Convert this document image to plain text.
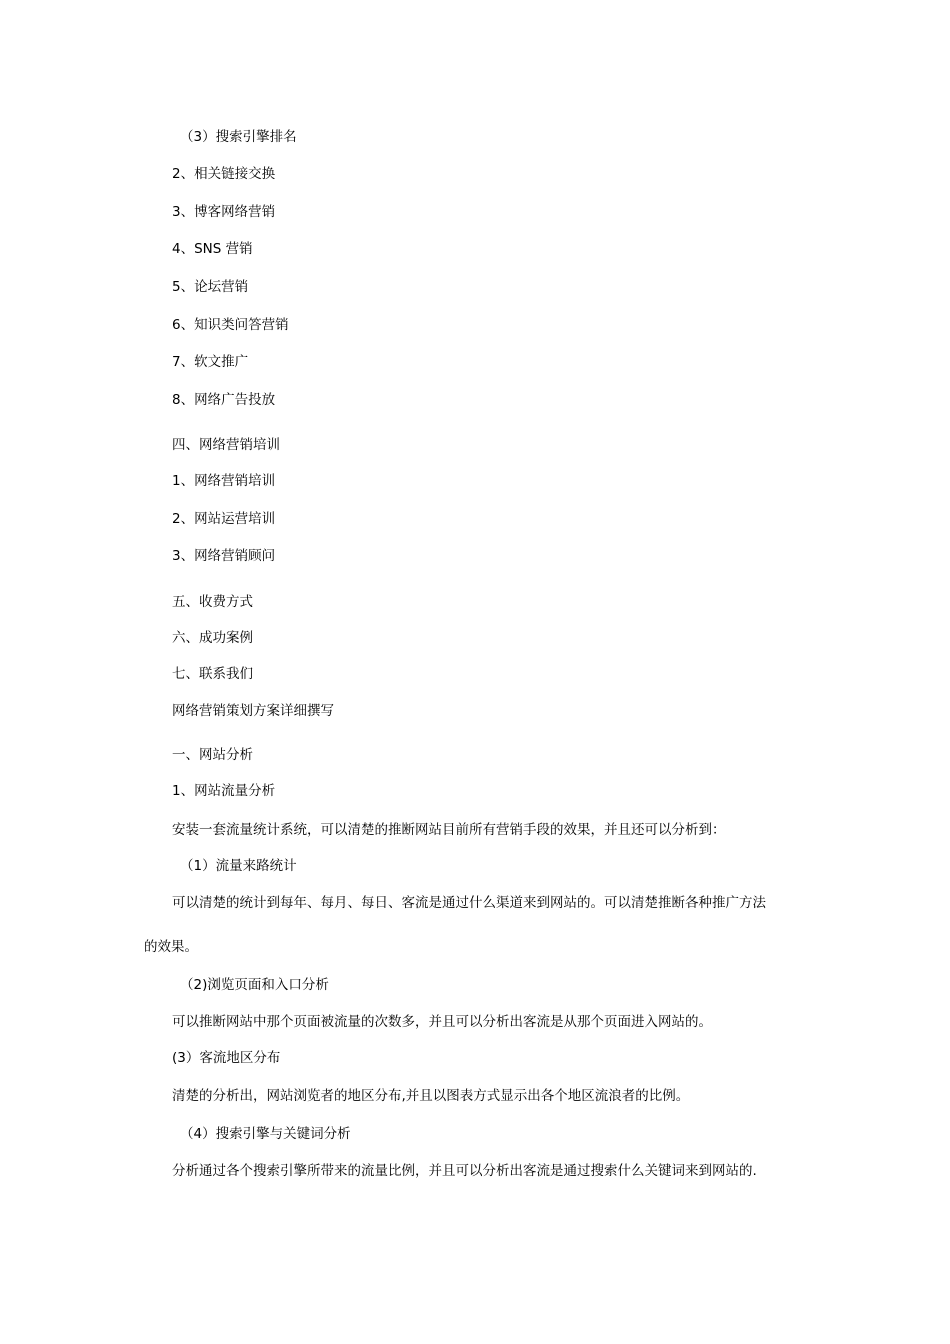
（3）搜索引擎排名
2、相关链接交换
3、博客网络营销
4、SNS 营销
5、论坛营销
6、知识类问答营销
7、软文推广
8、网络广告投放
四、网络营销培训
1、网络营销培训
2、网站运营培训
3、网络营销顾问
五、收费方式
六、成功案例
七、联系我们
网络营销策划方案详细撰写
一、网站分析
1、网站流量分析
安装一套流量统计系统，可以清楚的推断网站目前所有营销手段的效果，并且还可以分析到：
（1）流量来路统计
可以清楚的统计到每年、每月、每日、客流是通过什么渠道来到网站的。可以清楚推断各种推广方法
的效果。
（2)浏览页面和入口分析
可以推断网站中那个页面被流量的次数多，并且可以分析出客流是从那个页面进入网站的。
(3）客流地区分布
清楚的分析出，网站浏览者的地区分布,并且以图表方式显示出各个地区流浪者的比例。
（4）搜索引擎与关键词分析
分析通过各个搜索引擎所带来的流量比例，并且可以分析出客流是通过搜索什么关键词来到网站的.
